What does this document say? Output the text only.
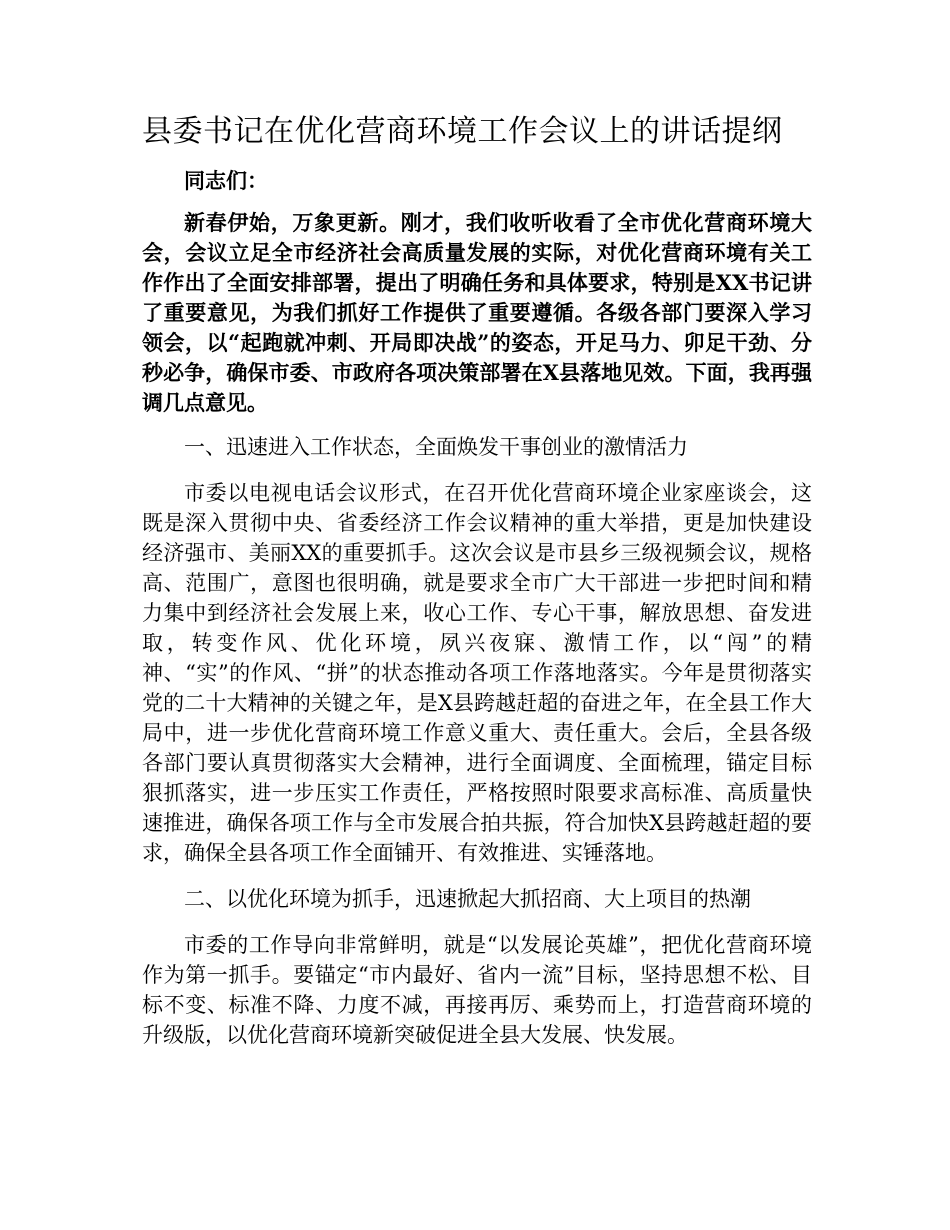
县委书记在优化营商环境工作会议上的讲话提纲

同志们：

新春伊始，万象更新。刚才，我们收听收看了全市优化营商环境大会，会议立足全市经济社会高质量发展的实际，对优化营商环境有关工作作出了全面安排部署，提出了明确任务和具体要求，特别是XX书记讲了重要意见，为我们抓好工作提供了重要遵循。各级各部门要深入学习领会，以“起跑就冲刺、开局即决战”的姿态，开足马力、卯足干劲、分秒必争，确保市委、市政府各项决策部署在X县落地见效。下面，我再强调几点意见。

一、迅速进入工作状态，全面焕发干事创业的激情活力

市委以电视电话会议形式，在召开优化营商环境企业家座谈会，这既是深入贯彻中央、省委经济工作会议精神的重大举措，更是加快建设经济强市、美丽XX的重要抓手。这次会议是市县乡三级视频会议，规格高、范围广，意图也很明确，就是要求全市广大干部进一步把时间和精力集中到经济社会发展上来，收心工作、专心干事，解放思想、奋发进取，转变作风、优化环境，夙兴夜寐、激情工作，以“闯”的精神、“实”的作风、“拼”的状态推动各项工作落地落实。今年是贯彻落实党的二十大精神的关键之年，是X县跨越赶超的奋进之年，在全县工作大局中，进一步优化营商环境工作意义重大、责任重大。会后，全县各级各部门要认真贯彻落实大会精神，进行全面调度、全面梳理，锚定目标狠抓落实，进一步压实工作责任，严格按照时限要求高标准、高质量快速推进，确保各项工作与全市发展合拍共振，符合加快X县跨越赶超的要求，确保全县各项工作全面铺开、有效推进、实锤落地。

二、以优化环境为抓手，迅速掀起大抓招商、大上项目的热潮

市委的工作导向非常鲜明，就是“以发展论英雄”，把优化营商环境作为第一抓手。要锚定“市内最好、省内一流”目标，坚持思想不松、目标不变、标准不降、力度不减，再接再厉、乘势而上，打造营商环境的升级版，以优化营商环境新突破促进全县大发展、快发展。
